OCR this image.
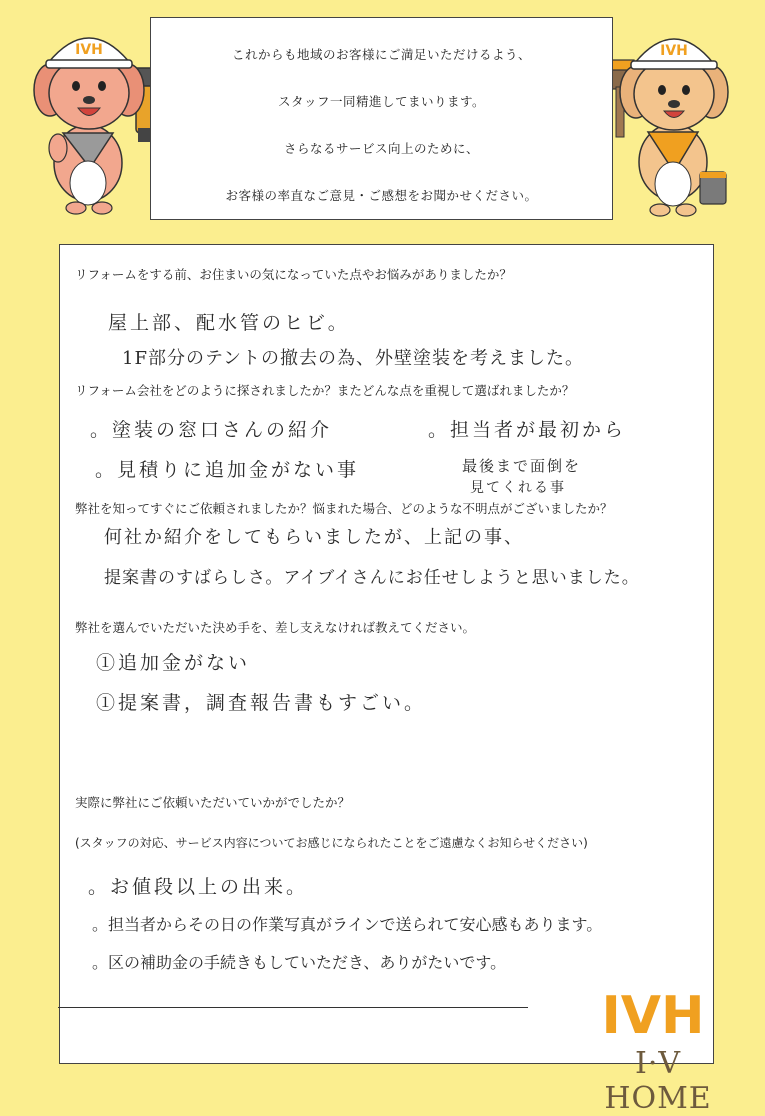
IVH	IVH
これからも地域のお客様にご満足いただけるよう、
スタッフ一同精進してまいります。
さらなるサービス向上のために、
お客様の率直なご意見・ご感想をお聞かせください。
リフォームをする前、お住まいの気になっていた点やお悩みがありましたか？
屋上部、配水管のヒビ。
1F部分のテントの撤去の為、外壁塗装を考えました。
リフォーム会社をどのように探されましたか？またどんな点を重視して選ばれましたか？
。塗装の窓口さんの紹介	。担当者が最初から
。見積りに追加金がない事	最後まで面倒を
見てくれる事
弊社を知ってすぐにご依頼されましたか？悩まれた場合、どのような不明点がございましたか？
何社か紹介をしてもらいましたが、上記の事、
提案書のすばらしさ。アイブイさんにお任せしようと思いました。
弊社を選んでいただいた決め手を、差し支えなければ教えてください。
①追加金がない
①提案書，調査報告書もすごい。
実際に弊社にご依頼いただいていかがでしたか？
(スタッフの対応、サービス内容についてお感じになられたことをご遠慮なくお知らせください)
。お値段以上の出来。
。担当者からその日の作業写真がラインで送られて安心感もあります。
。区の補助金の手続きもしていただき、ありがたいです。
IVH
I·V HOME
